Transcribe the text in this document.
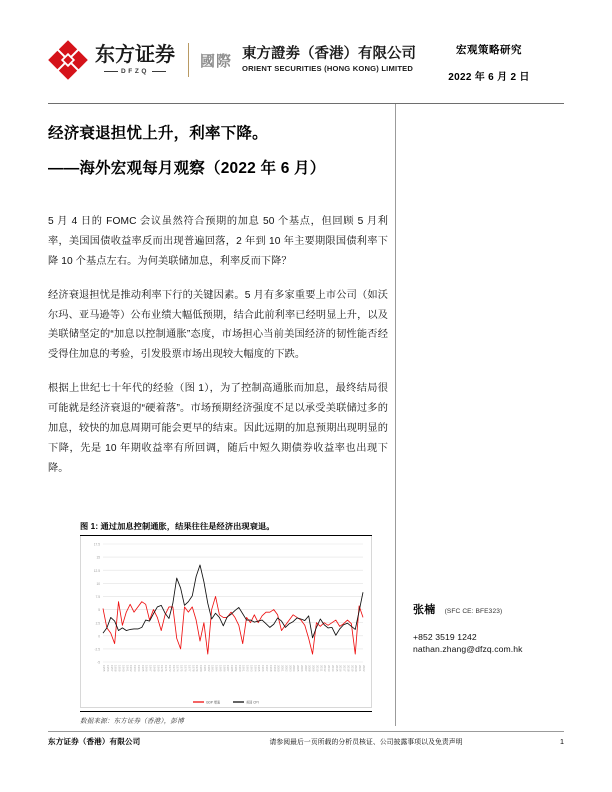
东方证券
DFZQ
國際 東方證劵（香港）有限公司
ORIENT SECURITIES (HONG KONG) LIMITED
宏观策略研究
2022 年 6 月 2 日
经济衰退担忧上升，利率下降。
——海外宏观每月观察（2022 年 6 月）

5 月 4 日的 FOMC 会议虽然符合预期的加息 50 个基点，但回顾 5 月利率，美国国债收益率反而出现普遍回落，2 年到 10 年主要期限国债利率下降 10 个基点左右。为何美联储加息，利率反而下降？

经济衰退担忧是推动利率下行的关键因素。5 月有多家重要上市公司（如沃尔玛、亚马逊等）公布业绩大幅低预期，结合此前利率已经明显上升，以及美联储坚定的“加息以控制通胀”态度，市场担心当前美国经济的韧性能否经受得住加息的考验，引发股票市场出现较大幅度的下跌。

根据上世纪七十年代的经验（图 1），为了控制高通胀而加息，最终结局很可能就是经济衰退的“硬着落”。市场预期经济强度不足以承受美联储过多的加息，较快的加息周期可能会更早的结束。因此远期的加息预期出现明显的下降，先是 10 年期收益率有所回调，随后中短久期债券收益率也出现下降。

图 1: 通过加息控制通胀，结果往往是经济出现衰退。
-5
-2.5
0
2.5
5
7.5
10
12.5
15
17.5
1955 1956 1957 1958 1959 1960 1961 1962 1963 1964 1965 1966 1967 1968 1969 1970 1971 1972 1973 1974 1975 1976 1977 1978 1979 1980 1981 1982 1983 1984 1985 1986 1987 1988 1989 1990 1991 1992 1993 1994 1995 1996 1997 1998 1999 2000 2001 2002 2003 2004 2005 2006 2007 2008 2009 2010 2011 2012 2013 2014 2015 2016 2017 2018 2019 2020 2021 2022
GDP 增速	美国 CPI
数据来源：东方证券（香港），彭博
张楠 (SFC CE: BFE323)
+852 3519 1242
nathan.zhang@dfzq.com.hk
东方证券（香港）有限公司	请参阅最后一页所载的分析员核证、公司披露事项以及免责声明	1
